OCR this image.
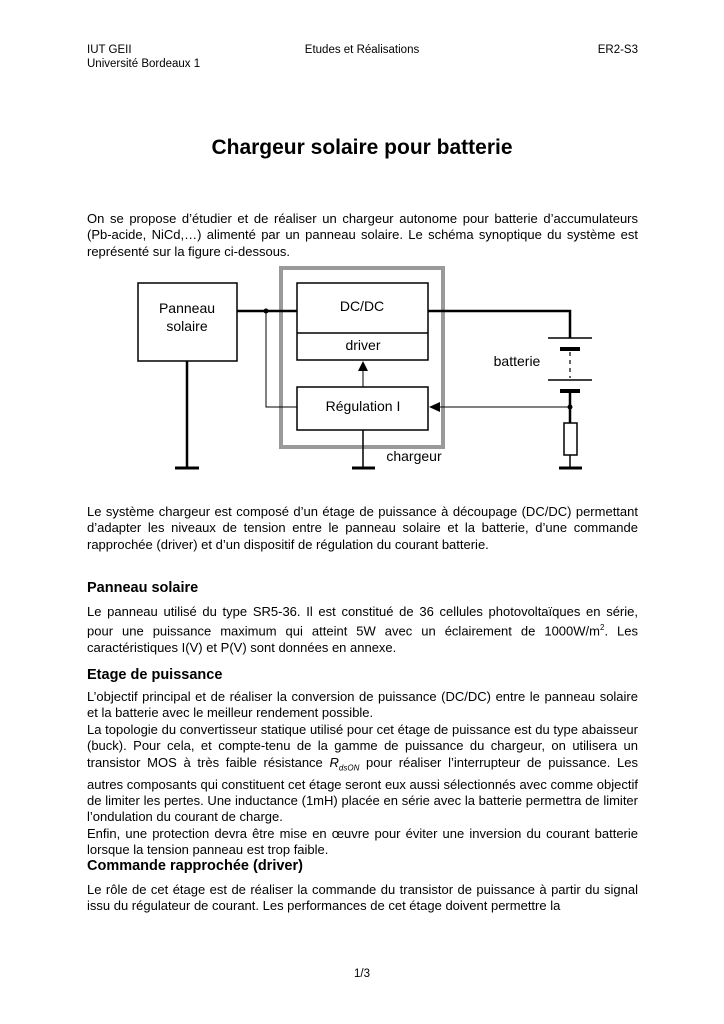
IUT GEII
Université Bordeaux 1
Etudes et Réalisations	ER2-S3
Chargeur solaire pour batterie

On se propose d’étudier et de réaliser un chargeur autonome pour batterie d’accumulateurs (Pb-acide, NiCd,…) alimenté par un panneau solaire. Le schéma synoptique du système est représenté sur la figure ci-dessous.

Panneau
solaire
DC/DC
driver
Régulation I
batterie
chargeur

Le système chargeur est composé d’un étage de puissance à découpage (DC/DC) permettant d’adapter les niveaux de tension entre le panneau solaire et la batterie, d’une commande rapprochée (driver) et d’un dispositif de régulation du courant batterie.

Panneau solaire

Le panneau utilisé du type SR5-36. Il est constitué de 36 cellules photovoltaïques en série, pour une puissance maximum qui atteint 5W avec un éclairement de $1000W/m^2$. Les caractéristiques I(V) et P(V) sont données en annexe.

Etage de puissance

L’objectif principal et de réaliser la conversion de puissance (DC/DC) entre le panneau solaire et la batterie avec le meilleur rendement possible.

La topologie du convertisseur statique utilisé pour cet étage de puissance est du type abaisseur (buck). Pour cela, et compte-tenu de la gamme de puissance du chargeur, on utilisera un transistor MOS à très faible résistance $R_{dsON}$ pour réaliser l’interrupteur de puissance. Les autres composants qui constituent cet étage seront eux aussi sélectionnés avec comme objectif de limiter les pertes. Une inductance (1mH) placée en série avec la batterie permettra de limiter l’ondulation du courant de charge.

Enfin, une protection devra être mise en œuvre pour éviter une inversion du courant batterie lorsque la tension panneau est trop faible.

Commande rapprochée (driver)

Le rôle de cet étage est de réaliser la commande du transistor de puissance à partir du signal issu du régulateur de courant. Les performances de cet étage doivent permettre la

1/3
